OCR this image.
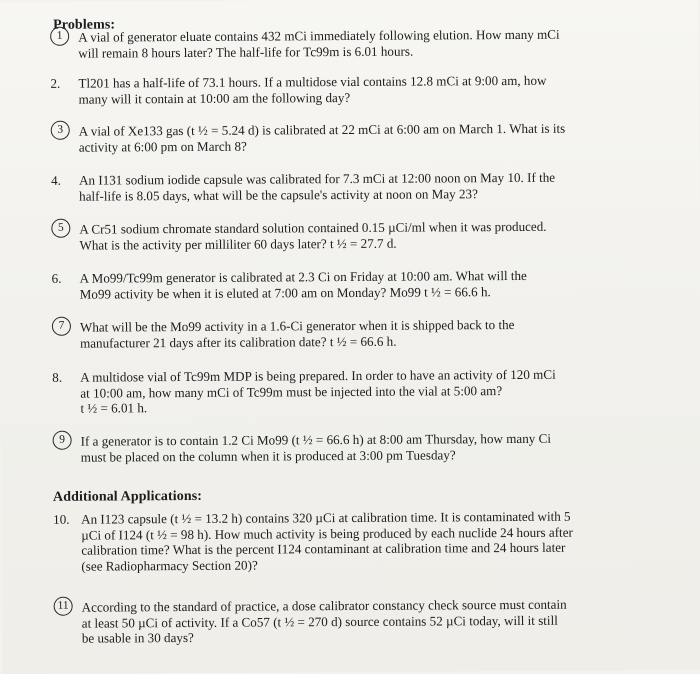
Problems:
1	A vial of generator eluate contains 432 mCi immediately following elution. How many mCi
will remain 8 hours later? The half-life for Tc99m is 6.01 hours.
2.	Tl201 has a half-life of 73.1 hours. If a multidose vial contains 12.8 mCi at 9:00 am, how
many will it contain at 10:00 am the following day?
3	A vial of Xe133 gas (t ½ = 5.24 d) is calibrated at 22 mCi at 6:00 am on March 1. What is its
activity at 6:00 pm on March 8?
4.	An I131 sodium iodide capsule was calibrated for 7.3 mCi at 12:00 noon on May 10. If the
half-life is 8.05 days, what will be the capsule's activity at noon on May 23?
5	A Cr51 sodium chromate standard solution contained 0.15 µCi/ml when it was produced.
What is the activity per milliliter 60 days later? t ½ = 27.7 d.
6.	A Mo99/Tc99m generator is calibrated at 2.3 Ci on Friday at 10:00 am. What will the
Mo99 activity be when it is eluted at 7:00 am on Monday? Mo99 t ½ = 66.6 h.
7	What will be the Mo99 activity in a 1.6-Ci generator when it is shipped back to the
manufacturer 21 days after its calibration date? t ½ = 66.6 h.
8.	A multidose vial of Tc99m MDP is being prepared. In order to have an activity of 120 mCi
at 10:00 am, how many mCi of Tc99m must be injected into the vial at 5:00 am?
t ½ = 6.01 h.
9	If a generator is to contain 1.2 Ci Mo99 (t ½ = 66.6 h) at 8:00 am Thursday, how many Ci
must be placed on the column when it is produced at 3:00 pm Tuesday?
Additional Applications:
10. An I123 capsule (t ½ = 13.2 h) contains 320 µCi at calibration time. It is contaminated with 5
µCi of I124 (t ½ = 98 h). How much activity is being produced by each nuclide 24 hours after
calibration time? What is the percent I124 contaminant at calibration time and 24 hours later
(see Radiopharmacy Section 20)?
11 According to the standard of practice, a dose calibrator constancy check source must contain
at least 50 µCi of activity. If a Co57 (t ½ = 270 d) source contains 52 µCi today, will it still
be usable in 30 days?
